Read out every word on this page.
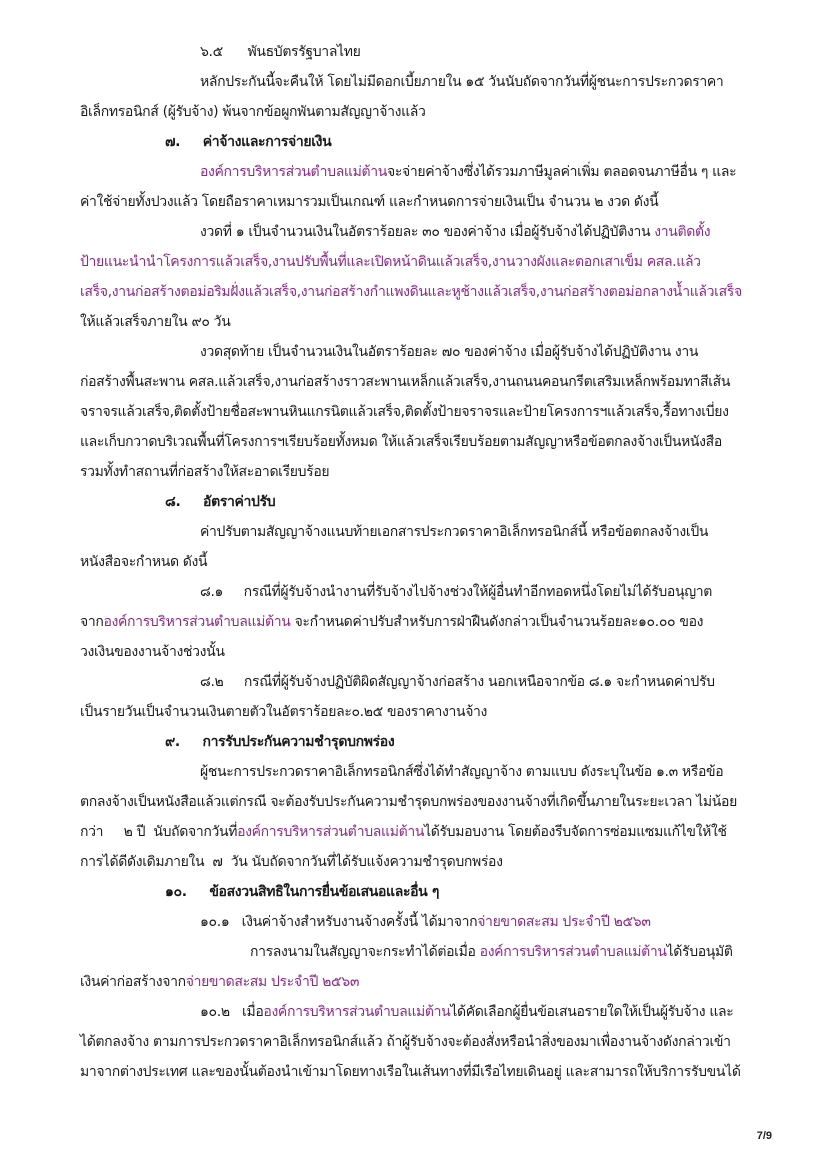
๖.๕      พันธบัตรรัฐบาลไทย
หลักประกันนี้จะคืนให้ โดยไม่มีดอกเบี้ยภายใน ๑๕ วันนับถัดจากวันที่ผู้ชนะการประกวดราคา
อิเล็กทรอนิกส์ (ผู้รับจ้าง) พ้นจากข้อผูกพันตามสัญญาจ้างแล้ว
๗.     ค่าจ้างและการจ่ายเงิน
องค์การบริหารส่วนตำบลแม่ต้านจะจ่ายค่าจ้างซึ่งได้รวมภาษีมูลค่าเพิ่ม ตลอดจนภาษีอื่น ๆ และ
ค่าใช้จ่ายทั้งปวงแล้ว โดยถือราคาเหมารวมเป็นเกณฑ์ และกำหนดการจ่ายเงินเป็น จำนวน ๒ งวด ดังนี้
งวดที่ ๑ เป็นจำนวนเงินในอัตราร้อยละ ๓๐ ของค่าจ้าง เมื่อผู้รับจ้างได้ปฏิบัติงาน งานติดตั้ง
ป้ายแนะนำนำโครงการแล้วเสร็จ,งานปรับพื้นที่และเปิดหน้าดินแล้วเสร็จ,งานวางผังและตอกเสาเข็ม คสล.แล้ว
เสร็จ,งานก่อสร้างตอม่อริมฝั่งแล้วเสร็จ,งานก่อสร้างกำแพงดินและหูช้างแล้วเสร็จ,งานก่อสร้างตอม่อกลางน้ำแล้วเสร็จ
ให้แล้วเสร็จภายใน ๙๐ วัน
งวดสุดท้าย เป็นจำนวนเงินในอัตราร้อยละ ๗๐ ของค่าจ้าง เมื่อผู้รับจ้างได้ปฏิบัติงาน งาน
ก่อสร้างพื้นสะพาน คสล.แล้วเสร็จ,งานก่อสร้างราวสะพานเหล็กแล้วเสร็จ,งานถนนคอนกรีตเสริมเหล็กพร้อมทาสีเส้น
จราจรแล้วเสร็จ,ติดตั้งป้ายชื่อสะพานหินแกรนิตแล้วเสร็จ,ติดตั้งป้ายจราจรและป้ายโครงการฯแล้วเสร็จ,รื้อทางเบี่ยง
และเก็บกวาดบริเวณพื้นที่โครงการฯเรียบร้อยทั้งหมด ให้แล้วเสร็จเรียบร้อยตามสัญญาหรือข้อตกลงจ้างเป็นหนังสือ
รวมทั้งทำสถานที่ก่อสร้างให้สะอาดเรียบร้อย
๘.     อัตราค่าปรับ
ค่าปรับตามสัญญาจ้างแนบท้ายเอกสารประกวดราคาอิเล็กทรอนิกส์นี้ หรือข้อตกลงจ้างเป็น
หนังสือจะกำหนด ดังนี้
๘.๑     กรณีที่ผู้รับจ้างนำงานที่รับจ้างไปจ้างช่วงให้ผู้อื่นทำอีกทอดหนึ่งโดยไม่ได้รับอนุญาต
จากองค์การบริหารส่วนตำบลแม่ต้าน จะกำหนดค่าปรับสำหรับการฝ่าฝืนดังกล่าวเป็นจำนวนร้อยละ๑๐.๐๐ ของ
วงเงินของงานจ้างช่วงนั้น
๘.๒     กรณีที่ผู้รับจ้างปฏิบัติผิดสัญญาจ้างก่อสร้าง นอกเหนือจากข้อ ๘.๑ จะกำหนดค่าปรับ
เป็นรายวันเป็นจำนวนเงินตายตัวในอัตราร้อยละ๐.๒๕ ของราคางานจ้าง
๙.     การรับประกันความชำรุดบกพร่อง
ผู้ชนะการประกวดราคาอิเล็กทรอนิกส์ซึ่งได้ทำสัญญาจ้าง ตามแบบ ดังระบุในข้อ ๑.๓ หรือข้อ
ตกลงจ้างเป็นหนังสือแล้วแต่กรณี จะต้องรับประกันความชำรุดบกพร่องของงานจ้างที่เกิดขึ้นภายในระยะเวลา ไม่น้อย
กว่า     ๒ ปี  นับถัดจากวันที่องค์การบริหารส่วนตำบลแม่ต้านได้รับมอบงาน โดยต้องรีบจัดการซ่อมแซมแก้ไขให้ใช้
การได้ดีดังเดิมภายใน  ๗  วัน นับถัดจากวันที่ได้รับแจ้งความชำรุดบกพร่อง
๑๐.     ข้อสงวนสิทธิในการยื่นข้อเสนอและอื่น ๆ
๑๐.๑   เงินค่าจ้างสำหรับงานจ้างครั้งนี้ ได้มาจากจ่ายขาดสะสม ประจำปี ๒๕๖๓
การลงนามในสัญญาจะกระทำได้ต่อเมื่อ องค์การบริหารส่วนตำบลแม่ต้านได้รับอนุมัติ
เงินค่าก่อสร้างจากจ่ายขาดสะสม ประจำปี ๒๕๖๓
๑๐.๒   เมื่อองค์การบริหารส่วนตำบลแม่ต้านได้คัดเลือกผู้ยื่นข้อเสนอรายใดให้เป็นผู้รับจ้าง และ
ได้ตกลงจ้าง ตามการประกวดราคาอิเล็กทรอนิกส์แล้ว ถ้าผู้รับจ้างจะต้องสั่งหรือนำสิ่งของมาเพื่องานจ้างดังกล่าวเข้า
มาจากต่างประเทศ และของนั้นต้องนำเข้ามาโดยทางเรือในเส้นทางที่มีเรือไทยเดินอยู่ และสามารถให้บริการรับขนได้
7/9
